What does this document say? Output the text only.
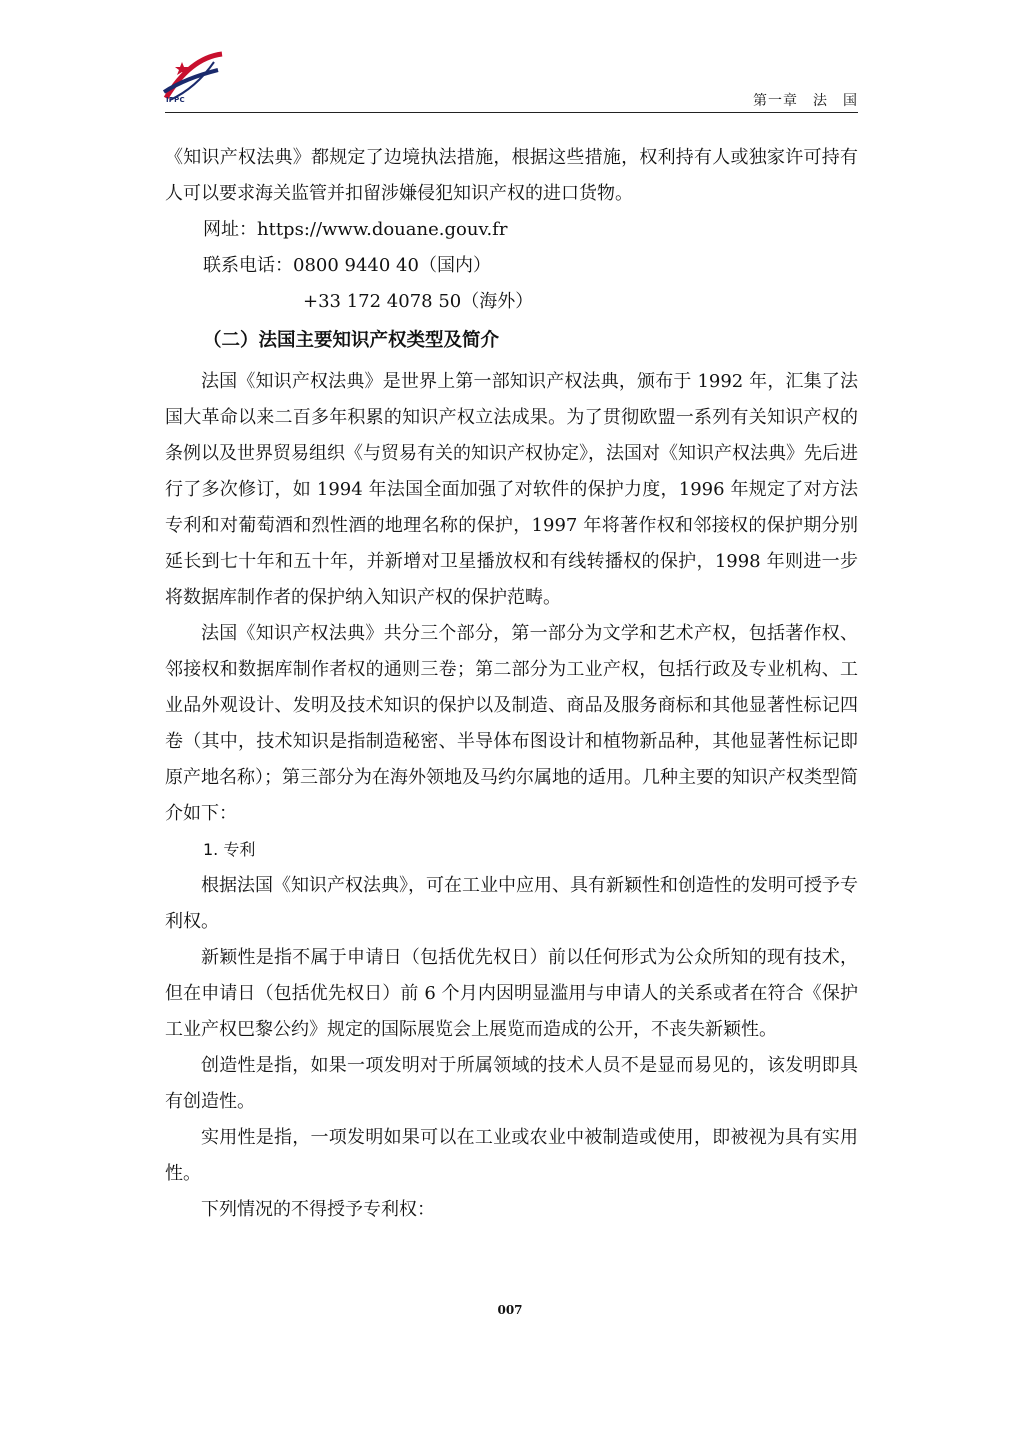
IPPC	第一章　法　国

《知识产权法典》都规定了边境执法措施，根据这些措施，权利持有人或独家许可持有人可以要求海关监管并扣留涉嫌侵犯知识产权的进口货物。

网址：https://www.douane.gouv.fr

联系电话：0800 9440 40（国内）

+33 172 4078 50（海外）

（二）法国主要知识产权类型及简介

法国《知识产权法典》是世界上第一部知识产权法典，颁布于 1992 年，汇集了法国大革命以来二百多年积累的知识产权立法成果。为了贯彻欧盟一系列有关知识产权的条例以及世界贸易组织《与贸易有关的知识产权协定》，法国对《知识产权法典》先后进行了多次修订，如 1994 年法国全面加强了对软件的保护力度，1996 年规定了对方法专利和对葡萄酒和烈性酒的地理名称的保护，1997 年将著作权和邻接权的保护期分别延长到七十年和五十年，并新增对卫星播放权和有线转播权的保护，1998 年则进一步将数据库制作者的保护纳入知识产权的保护范畴。

法国《知识产权法典》共分三个部分，第一部分为文学和艺术产权，包括著作权、邻接权和数据库制作者权的通则三卷；第二部分为工业产权，包括行政及专业机构、工业品外观设计、发明及技术知识的保护以及制造、商品及服务商标和其他显著性标记四卷（其中，技术知识是指制造秘密、半导体布图设计和植物新品种，其他显著性标记即原产地名称）；第三部分为在海外领地及马约尔属地的适用。几种主要的知识产权类型简介如下：

1. 专利

根据法国《知识产权法典》，可在工业中应用、具有新颖性和创造性的发明可授予专利权。

新颖性是指不属于申请日（包括优先权日）前以任何形式为公众所知的现有技术，但在申请日（包括优先权日）前 6 个月内因明显滥用与申请人的关系或者在符合《保护工业产权巴黎公约》规定的国际展览会上展览而造成的公开，不丧失新颖性。

创造性是指，如果一项发明对于所属领域的技术人员不是显而易见的，该发明即具有创造性。

实用性是指，一项发明如果可以在工业或农业中被制造或使用，即被视为具有实用性。

下列情况的不得授予专利权：

007
